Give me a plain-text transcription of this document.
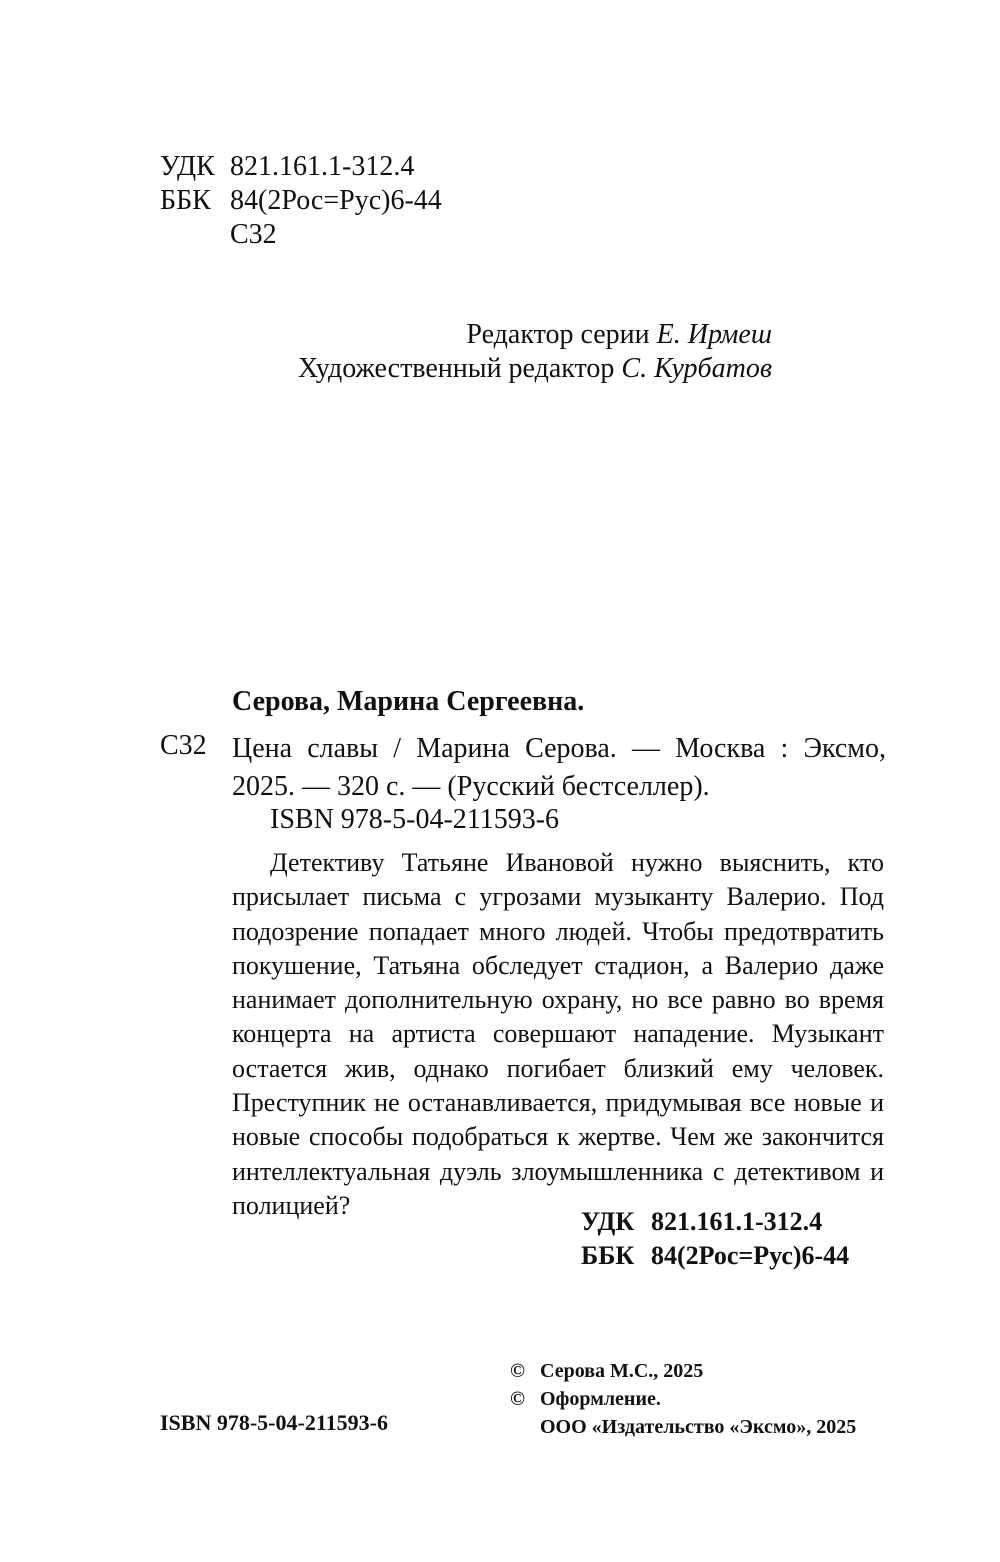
УДК 821.161.1-312.4
ББК 84(2Рос=Рус)6-44
С32
Редактор серии Е. Ирмеш
Художественный редактор С. Курбатов
Серова, Марина Сергеевна.
С32 Цена славы / Марина Серова. — Москва : Эксмо, 2025. — 320 с. — (Русский бестселлер).
ISBN 978-5-04-211593-6
Детективу Татьяне Ивановой нужно выяснить, кто присылает письма с угрозами музыканту Валерио. Под подозрение попадает много людей. Чтобы предотвратить покушение, Татьяна обследует стадион, а Валерио даже нанимает дополнительную охрану, но все равно во время концерта на артиста совершают нападение. Музыкант остается жив, однако погибает близкий ему человек. Преступник не останавливается, придумывая все новые и новые способы подобраться к жертве. Чем же закончится интеллектуальная дуэль злоумышленника с детективом и полицией?
УДК 821.161.1-312.4
ББК 84(2Рос=Рус)6-44
© Серова М.С., 2025
© Оформление.
ООО «Издательство «Эксмо», 2025
ISBN 978-5-04-211593-6
